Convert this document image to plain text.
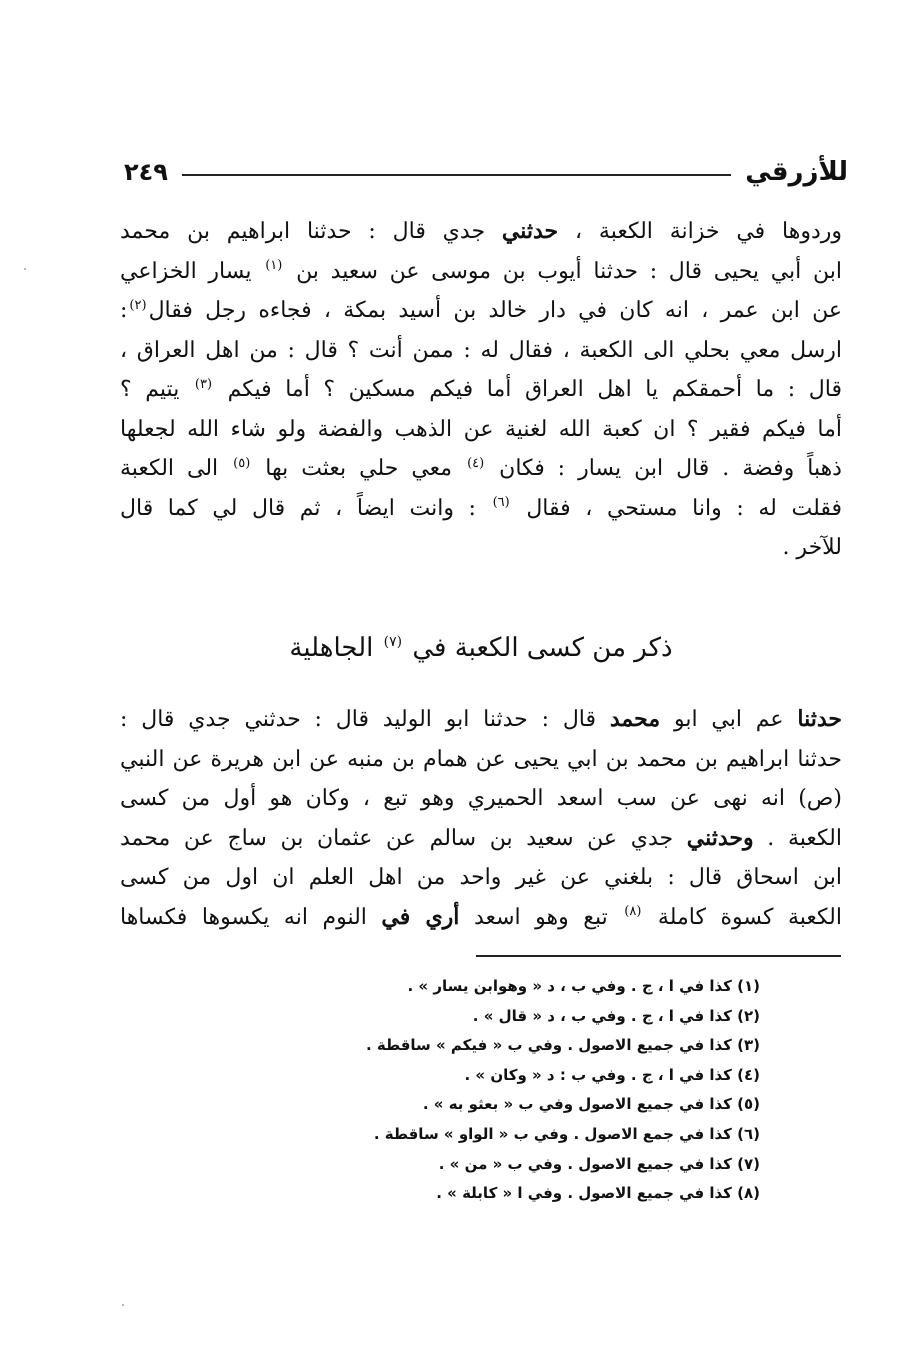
للأزرقي
٢٤٩
وردوها في خزانة الكعبة ، حدثني جدي قال : حدثنا ابراهيم بن محمد
ابن أبي يحيى قال : حدثنا أيوب بن موسى عن سعيد بن $^{(١)}$ يسار الخزاعي
عن ابن عمر ، انه كان في دار خالد بن أسيد بمكة ، فجاءه رجل فقال$^{(٢)}$:
ارسل معي بحلي الى الكعبة ، فقال له : ممن أنت ؟ قال : من اهل العراق ،
قال : ما أحمقكم يا اهل العراق أما فيكم مسكين ؟ أما فيكم $^{(٣)}$ يتيم ؟
أما فيكم فقير ؟ ان كعبة الله لغنية عن الذهب والفضة ولو شاء الله لجعلها
ذهباً وفضة . قال ابن يسار : فكان $^{(٤)}$ معي حلي بعثت بها $^{(٥)}$ الى الكعبة
فقلت له : وانا مستحي ، فقال $^{(٦)}$ : وانت ايضاً ، ثم قال لي كما قال
للآخر .
ذكر من كسى الكعبة في $^{(٧)}$ الجاهلية
حدثنا عم ابي ابو محمد قال : حدثنا ابو الوليد قال : حدثني جدي قال :
حدثنا ابراهيم بن محمد بن ابي يحيى عن همام بن منبه عن ابن هريرة عن النبي
(ص) انه نهى عن سب اسعد الحميري وهو تبع ، وكان هو أول من كسى
الكعبة . وحدثني جدي عن سعيد بن سالم عن عثمان بن ساج عن محمد
ابن اسحاق قال : بلغني عن غير واحد من اهل العلم ان اول من كسى
الكعبة كسوة كاملة $^{(٨)}$ تبع وهو اسعد أري في النوم انه يكسوها فكساها
(١) كذا في ا ، ج . وفي ب ، د « وهوابن يسار » .
(٢) كذا في ا ، ج . وفي ب ، د « قال » .
(٣) كذا في جميع الاصول . وفي ب « فيكم » ساقطة .
(٤) كذا في ا ، ج . وفي ب : د « وكان » .
(٥) كذا في جميع الاصول وفي ب « بعثو به » .
(٦) كذا في جمع الاصول . وفي ب « الواو » ساقطة .
(٧) كذا في جميع الاصول . وفي ب « من » .
(٨) كذا في جميع الاصول . وفي ا « كابلة » .
